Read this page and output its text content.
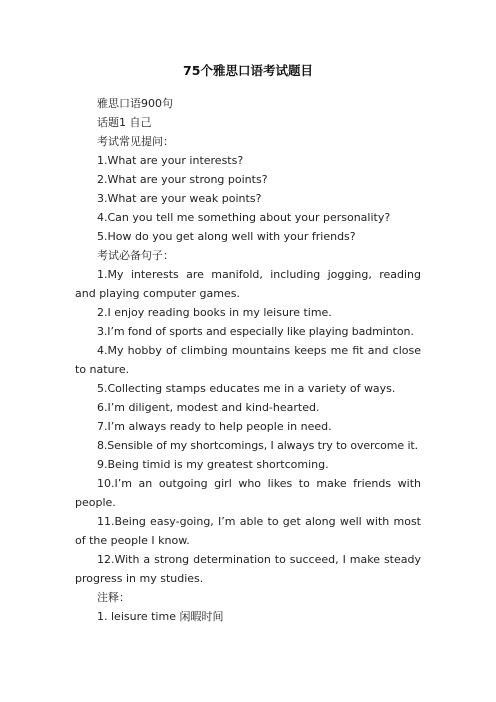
75个雅思口语考试题目

雅思口语900句

话题1 自己

考试常见提问：

1.What are your interests?

2.What are your strong points?

3.What are your weak points?

4.Can you tell me something about your personality?

5.How do you get along well with your friends?

考试必备句子：

1.My interests are manifold, including jogging, reading and playing computer games.

2.I enjoy reading books in my leisure time.

3.I’m fond of sports and especially like playing badminton.

4.My hobby of climbing mountains keeps me fit and close to nature.

5.Collecting stamps educates me in a variety of ways.

6.I’m diligent, modest and kind-hearted.

7.I’m always ready to help people in need.

8.Sensible of my shortcomings, I always try to overcome it.

9.Being timid is my greatest shortcoming.

10.I’m an outgoing girl who likes to make friends with people.

11.Being easy-going, I’m able to get along well with most of the people I know.

12.With a strong determination to succeed, I make steady progress in my studies.

注释：

1. leisure time 闲暇时间
